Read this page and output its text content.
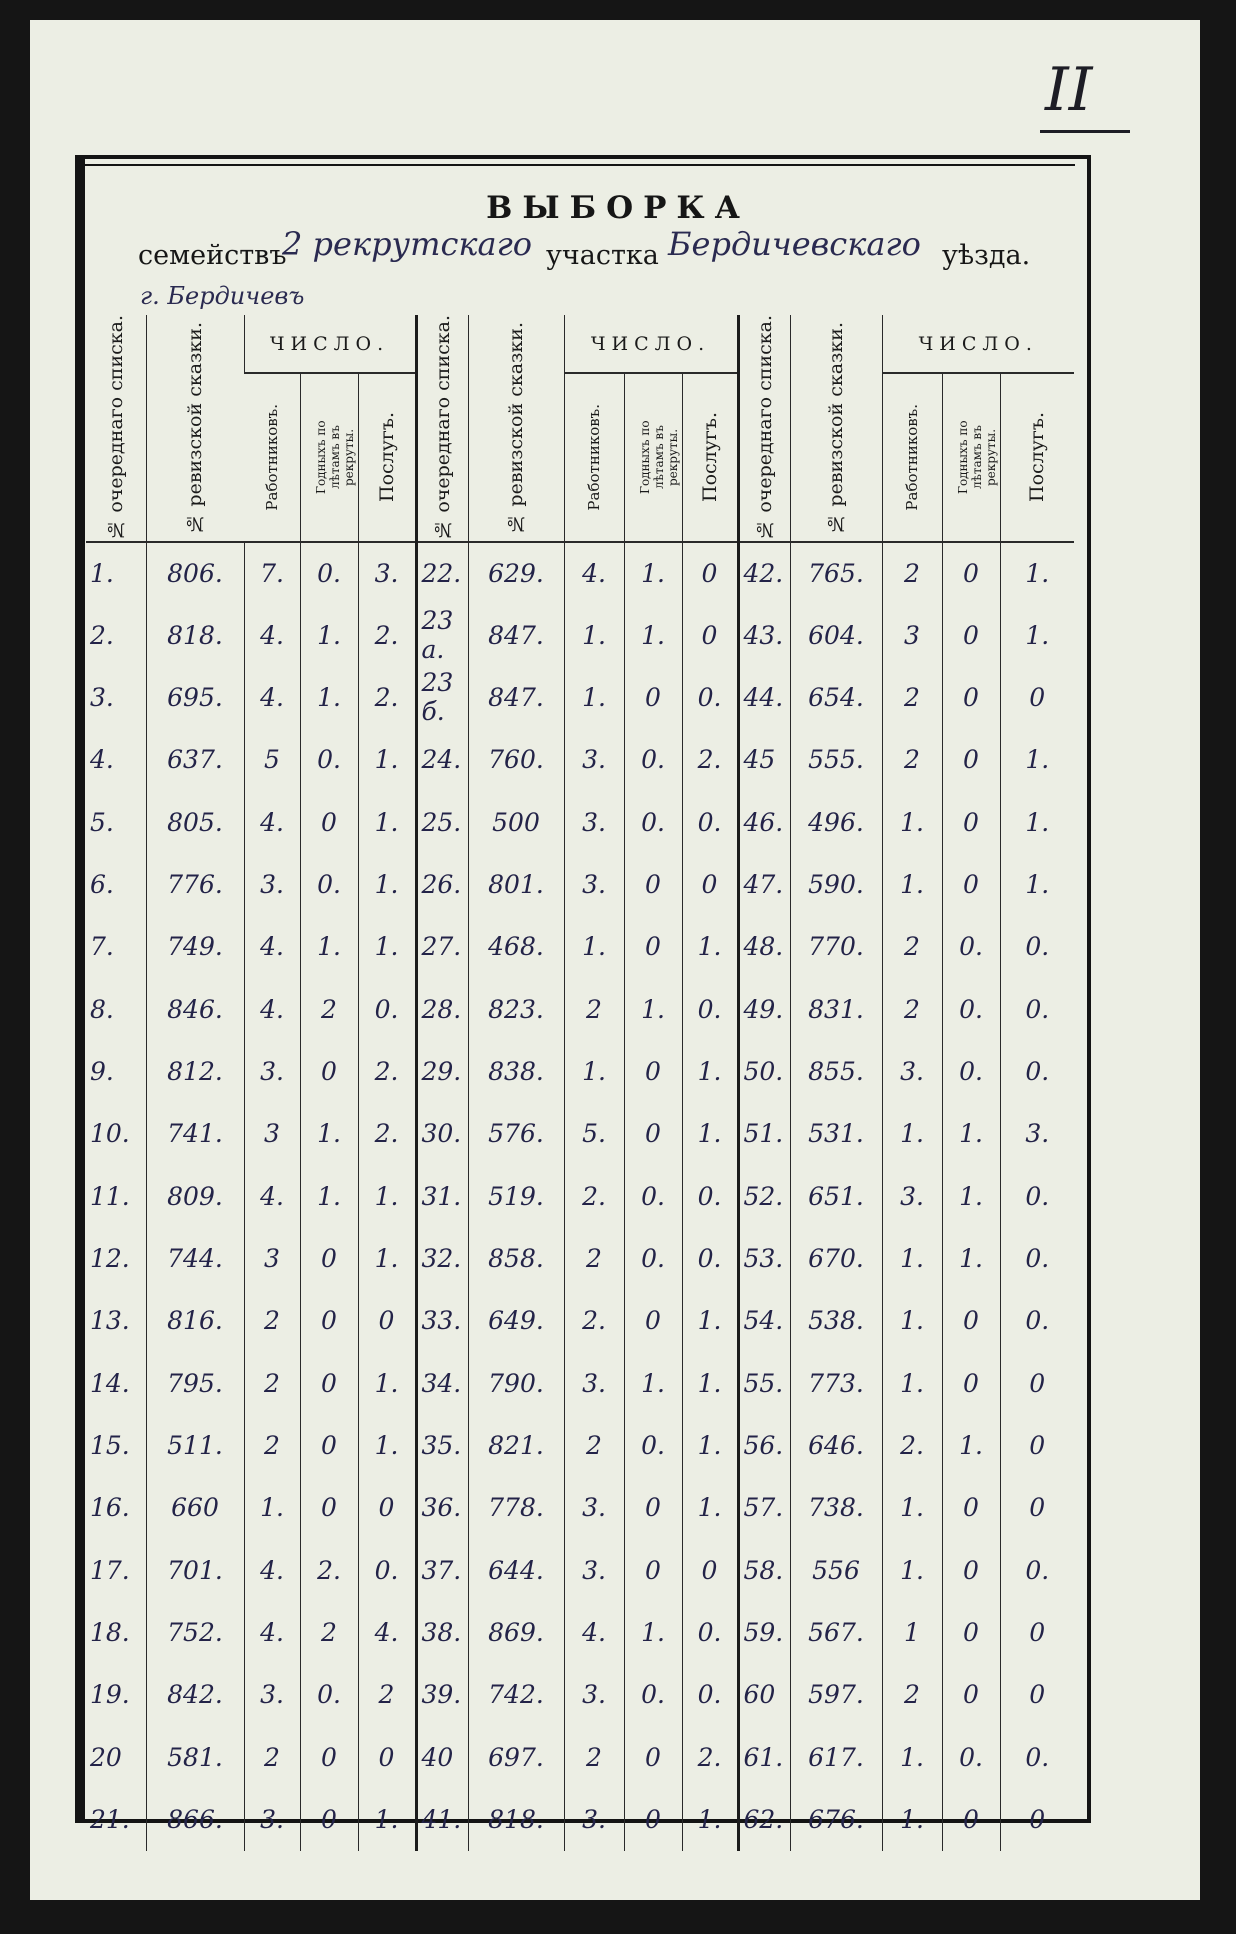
II
ВЫБОРКА
семействъ
2 рекрутскаго участка Бердичевскаго уѣзда.
г. Бердичевъ
№ очереднаго списка.	№ ревизской сказки.	ЧИСЛО.			№ очереднаго списка.	№ ревизской сказки.	ЧИСЛО.			№ очереднаго списка.	№ ревизской сказки.	ЧИСЛО.		

		Работниковъ.	Годныхъ по лѣтамъ въ рекруты.	Послугъ.			Работниковъ.	Годныхъ по лѣтамъ въ рекруты.	Послугъ.			Работниковъ.	Годныхъ по лѣтамъ въ рекруты.	Послугъ.

1.	806.	7.	0.	3.	22.	629.	4.	1.	0	42.	765.	2	0	1.
2.	818.	4.	1.	2.	23 а.	847.	1.	1.	0	43.	604.	3	0	1.
3.	695.	4.	1.	2.	23 б.	847.	1.	0	0.	44.	654.	2	0	0
4.	637.	5	0.	1.	24.	760.	3.	0.	2.	45	555.	2	0	1.
5.	805.	4.	0	1.	25.	500	3.	0.	0.	46.	496.	1.	0	1.
6.	776.	3.	0.	1.	26.	801.	3.	0	0	47.	590.	1.	0	1.
7.	749.	4.	1.	1.	27.	468.	1.	0	1.	48.	770.	2	0.	0.
8.	846.	4.	2	0.	28.	823.	2	1.	0.	49.	831.	2	0.	0.
9.	812.	3.	0	2.	29.	838.	1.	0	1.	50.	855.	3.	0.	0.
10.	741.	3	1.	2.	30.	576.	5.	0	1.	51.	531.	1.	1.	3.
11.	809.	4.	1.	1.	31.	519.	2.	0.	0.	52.	651.	3.	1.	0.
12.	744.	3	0	1.	32.	858.	2	0.	0.	53.	670.	1.	1.	0.
13.	816.	2	0	0	33.	649.	2.	0	1.	54.	538.	1.	0	0.
14.	795.	2	0	1.	34.	790.	3.	1.	1.	55.	773.	1.	0	0
15.	511.	2	0	1.	35.	821.	2	0.	1.	56.	646.	2.	1.	0
16.	660	1.	0	0	36.	778.	3.	0	1.	57.	738.	1.	0	0
17.	701.	4.	2.	0.	37.	644.	3.	0	0	58.	556	1.	0	0.
18.	752.	4.	2	4.	38.	869.	4.	1.	0.	59.	567.	1	0	0
19.	842.	3.	0.	2	39.	742.	3.	0.	0.	60	597.	2	0	0
20	581.	2	0	0	40	697.	2	0	2.	61.	617.	1.	0.	0.
21.	866.	3.	0	1.	41.	818.	3.	0	1.	62.	676.	1.	0	0
